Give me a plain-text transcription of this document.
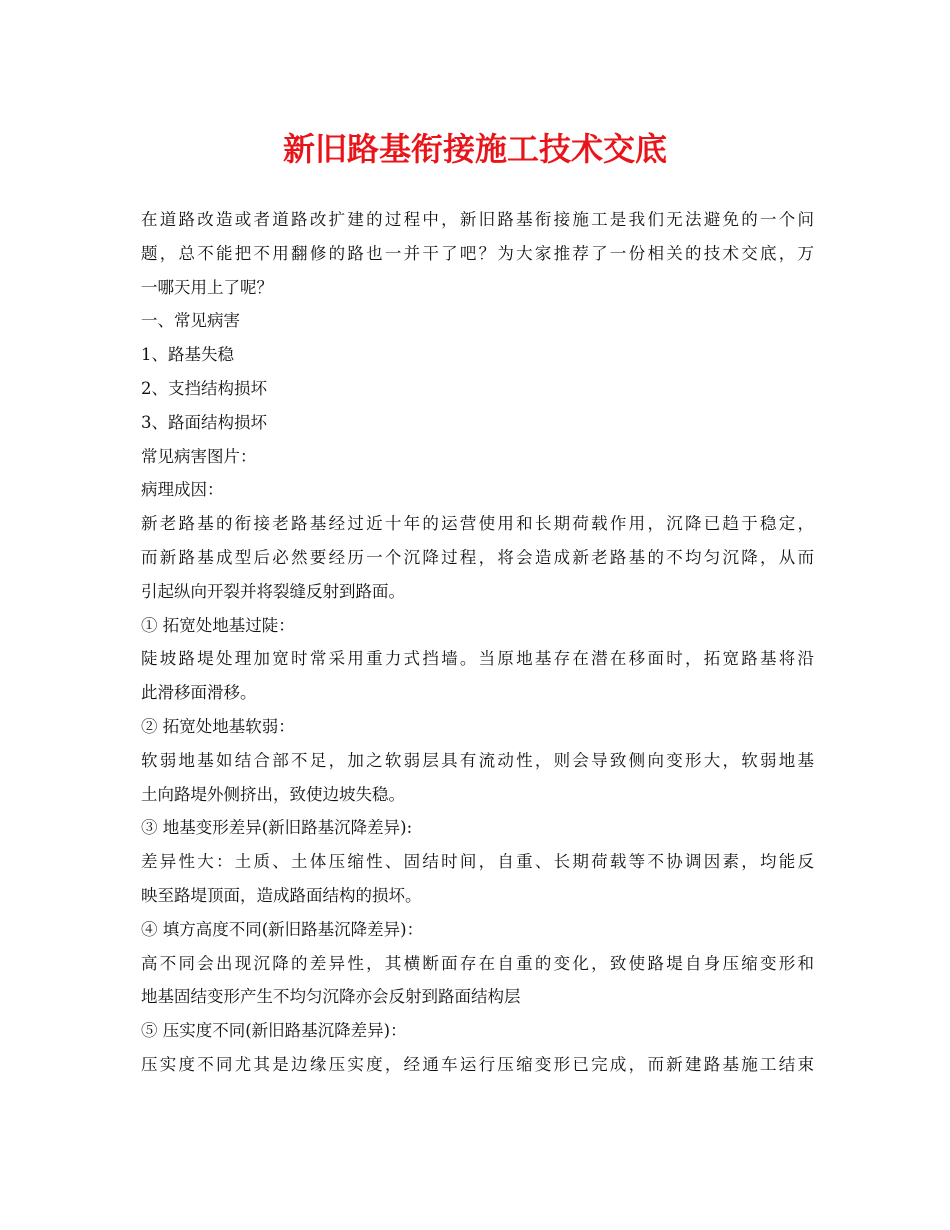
新旧路基衔接施工技术交底
在道路改造或者道路改扩建的过程中，新旧路基衔接施工是我们无法避免的一个问
题，总不能把不用翻修的路也一并干了吧？为大家推荐了一份相关的技术交底，万
一哪天用上了呢？
一、常见病害
1、路基失稳
2、支挡结构损坏
3、路面结构损坏
常见病害图片：
病理成因：
新老路基的衔接老路基经过近十年的运营使用和长期荷载作用，沉降已趋于稳定，
而新路基成型后必然要经历一个沉降过程，将会造成新老路基的不均匀沉降，从而
引起纵向开裂并将裂缝反射到路面。
① 拓宽处地基过陡：
陡坡路堤处理加宽时常采用重力式挡墙。当原地基存在潜在移面时，拓宽路基将沿
此滑移面滑移。
② 拓宽处地基软弱：
软弱地基如结合部不足，加之软弱层具有流动性，则会导致侧向变形大，软弱地基
土向路堤外侧挤出，致使边坡失稳。
③ 地基变形差异(新旧路基沉降差异):
差异性大：土质、土体压缩性、固结时间，自重、长期荷载等不协调因素，均能反
映至路堤顶面，造成路面结构的损坏。
④ 填方高度不同(新旧路基沉降差异)：
高不同会出现沉降的差异性，其横断面存在自重的变化，致使路堤自身压缩变形和
地基固结变形产生不均匀沉降亦会反射到路面结构层
⑤ 压实度不同(新旧路基沉降差异)：
压实度不同尤其是边缘压实度，经通车运行压缩变形已完成，而新建路基施工结束
